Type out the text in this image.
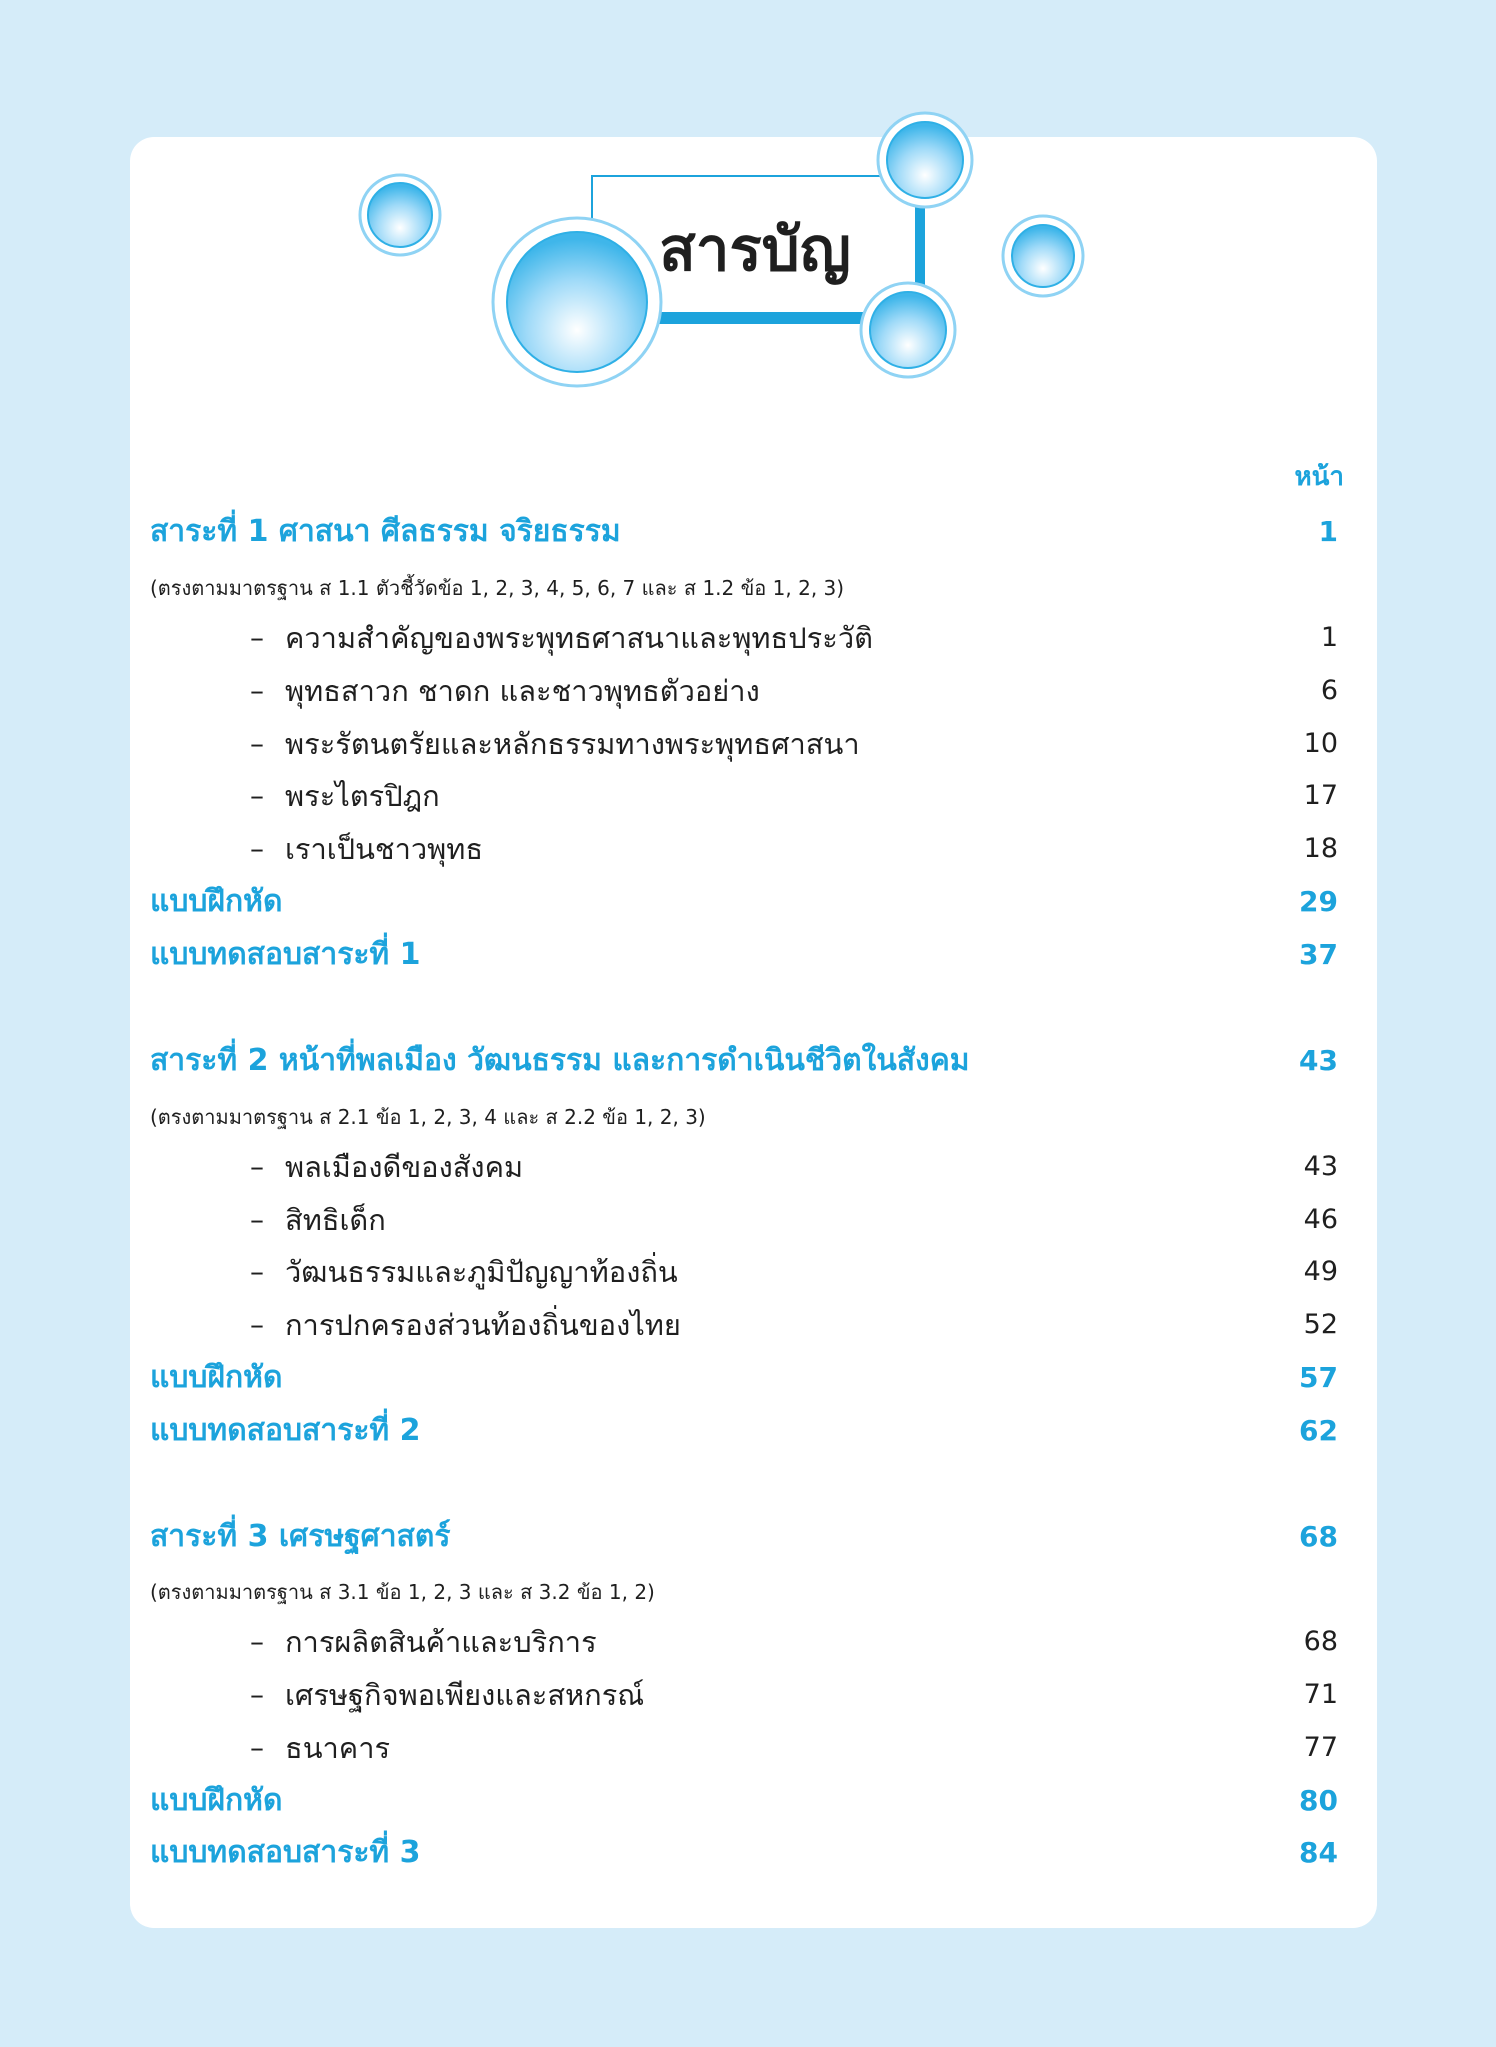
สารบัญ
หน้า
สาระที่ 1 ศาสนา ศีลธรรม จริยธรรม	1
(ตรงตามมาตรฐาน ส 1.1 ตัวชี้วัดข้อ 1, 2, 3, 4, 5, 6, 7 และ ส 1.2 ข้อ 1, 2, 3)
– ความสำคัญของพระพุทธศาสนาและพุทธประวัติ	1
– พุทธสาวก ชาดก และชาวพุทธตัวอย่าง	6
– พระรัตนตรัยและหลักธรรมทางพระพุทธศาสนา	10
– พระไตรปิฎก	17
– เราเป็นชาวพุทธ	18
แบบฝึกหัด	29
แบบทดสอบสาระที่ 1	37
สาระที่ 2 หน้าที่พลเมือง วัฒนธรรม และการดำเนินชีวิตในสังคม	43
(ตรงตามมาตรฐาน ส 2.1 ข้อ 1, 2, 3, 4 และ ส 2.2 ข้อ 1, 2, 3)
– พลเมืองดีของสังคม	43
– สิทธิเด็ก	46
– วัฒนธรรมและภูมิปัญญาท้องถิ่น	49
– การปกครองส่วนท้องถิ่นของไทย	52
แบบฝึกหัด	57
แบบทดสอบสาระที่ 2	62
สาระที่ 3 เศรษฐศาสตร์	68
(ตรงตามมาตรฐาน ส 3.1 ข้อ 1, 2, 3 และ ส 3.2 ข้อ 1, 2)
– การผลิตสินค้าและบริการ	68
– เศรษฐกิจพอเพียงและสหกรณ์	71
– ธนาคาร	77
แบบฝึกหัด	80
แบบทดสอบสาระที่ 3	84
